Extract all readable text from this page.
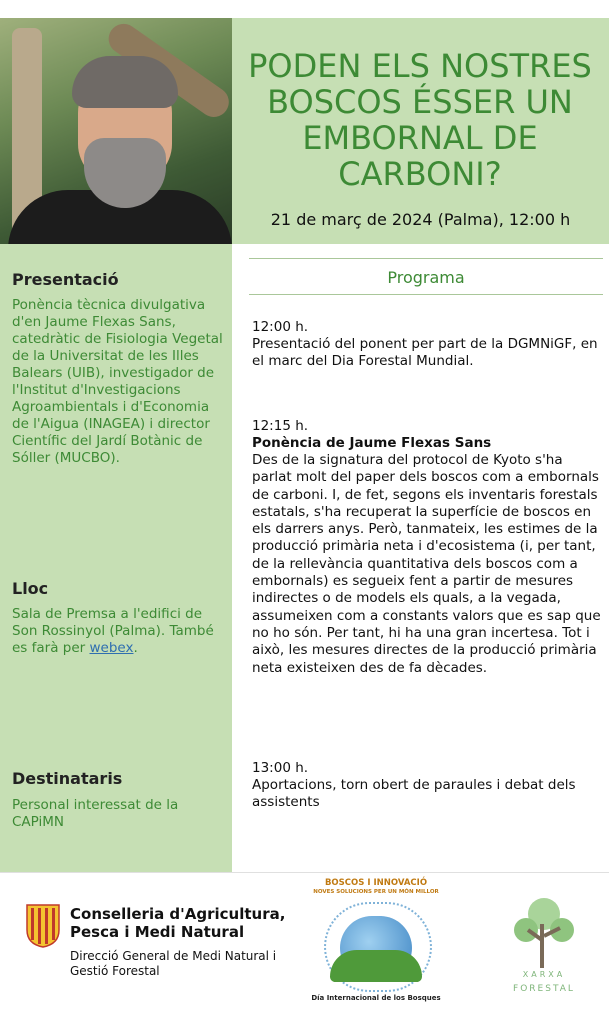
PODEN ELS NOSTRES BOSCOS ÉSSER UN EMBORNAL DE CARBONI?
21 de març de 2024 (Palma), 12:00 h
Presentació

Ponència tècnica divulgativa d'en Jaume Flexas Sans, catedràtic de Fisiologia Vegetal de la Universitat de les Illes Balears (UIB), investigador de l'Institut d'Investigacions Agroambientals i d'Economia de l'Aigua (INAGEA) i director Científic del Jardí Botànic de Sóller (MUCBO).

Lloc

Sala de Premsa a l'edifici de Son Rossinyol (Palma). També es farà per webex.

Destinataris

Personal interessat de la CAPiMN

Programa
12:00 h.

Presentació del ponent per part de la DGMNiGF, en el marc del Dia Forestal Mundial.

12:15 h.
Ponència de Jaume Flexas Sans

Des de la signatura del protocol de Kyoto s'ha parlat molt del paper dels boscos com a embornals de carboni. I, de fet, segons els inventaris forestals estatals, s'ha recuperat la superfície de boscos en els darrers anys. Però, tanmateix, les estimes de la producció primària neta i d'ecosistema (i, per tant, de la rellevància quantitativa dels boscos com a embornals) es segueix fent a partir de mesures indirectes o de models els quals, a la vegada, assumeixen com a constants valors que es sap que no ho són. Per tant, hi ha una gran incertesa. Tot i això, les mesures directes de la producció primària neta existeixen des de fa dècades.

13:00 h.

Aportacions, torn obert de paraules i debat dels assistents

Conselleria d'Agricultura, Pesca i Medi Natural
Direcció General de Medi Natural i Gestió Forestal
BOSCOS I INNOVACIÓ
NOVES SOLUCIONS PER UN MÓN MILLOR
Día Internacional de los Bosques
XARXA
FORESTAL
